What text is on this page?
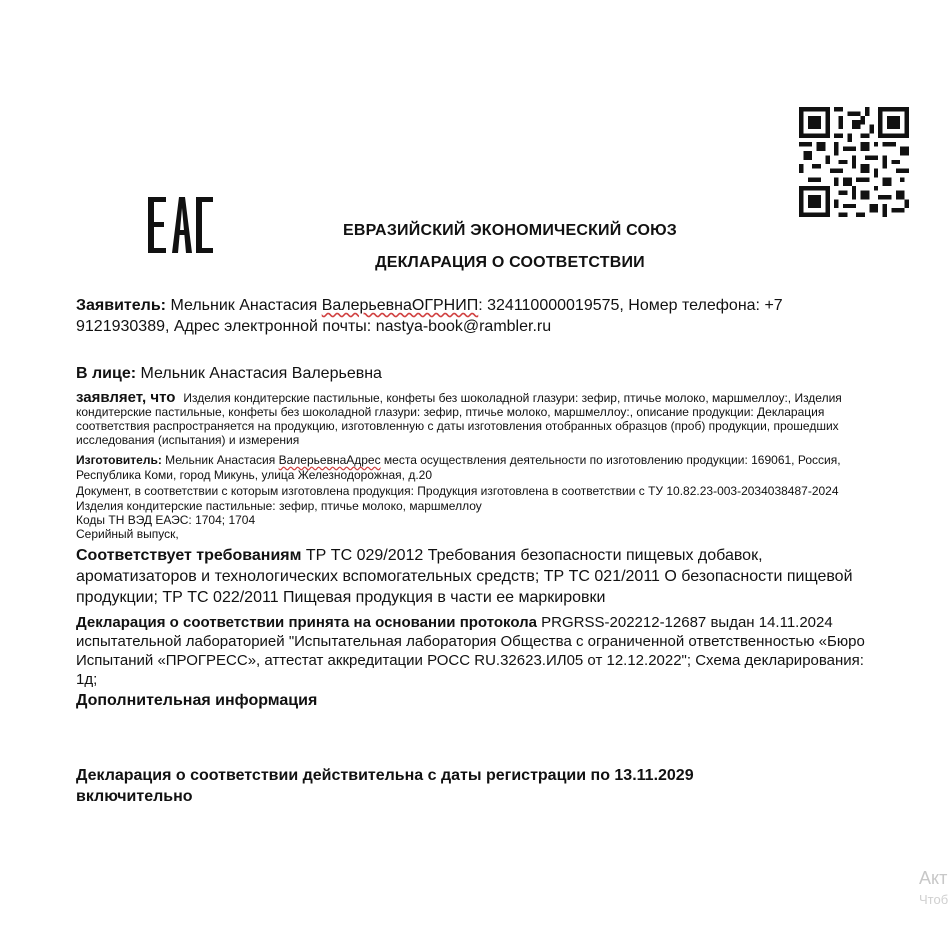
ЕВРАЗИЙСКИЙ ЭКОНОМИЧЕСКИЙ СОЮЗ
ДЕКЛАРАЦИЯ О СООТВЕТСТВИИ
Заявитель: Мельник Анастасия ВалерьевнаОГРНИП: 324110000019575, Номер телефона: +7 9121930389, Адрес электронной почты: nastya-book@rambler.ru
В лице: Мельник Анастасия Валерьевна
заявляет, что Изделия кондитерские пастильные, конфеты без шоколадной глазури: зефир, птичье молоко, маршмеллоу:, Изделия кондитерские пастильные, конфеты без шоколадной глазури: зефир, птичье молоко, маршмеллоу:, описание продукции: Декларация соответствия распространяется на продукцию, изготовленную с даты изготовления отобранных образцов (проб) продукции, прошедших исследования (испытания) и измерения
Изготовитель: Мельник Анастасия ВалерьевнаАдрес места осуществления деятельности по изготовлению продукции: 169061, Россия, Республика Коми, город Микунь, улица Железнодорожная, д.20
Документ, в соответствии с которым изготовлена продукция: Продукция изготовлена в соответствии с ТУ 10.82.23-003-2034038487-2024 Изделия кондитерские пастильные: зефир, птичье молоко, маршмеллоу
Коды ТН ВЭД ЕАЭС: 1704; 1704
Серийный выпуск,
Соответствует требованиям ТР ТС 029/2012 Требования безопасности пищевых добавок, ароматизаторов и технологических вспомогательных средств; ТР ТС 021/2011 О безопасности пищевой продукции; ТР ТС 022/2011 Пищевая продукция в части ее маркировки
Декларация о соответствии принята на основании протокола PRGRSS-202212-12687 выдан 14.11.2024 испытательной лабораторией "Испытательная лаборатория Общества с ограниченной ответственностью «Бюро Испытаний «ПРОГРЕСС», аттестат аккредитации РОСС RU.32623.ИЛ05 от 12.12.2022"; Схема декларирования: 1д;
Дополнительная информация
Декларация о соответствии действительна с даты регистрации по 13.11.2029 включительно
Акт
Чтоб
